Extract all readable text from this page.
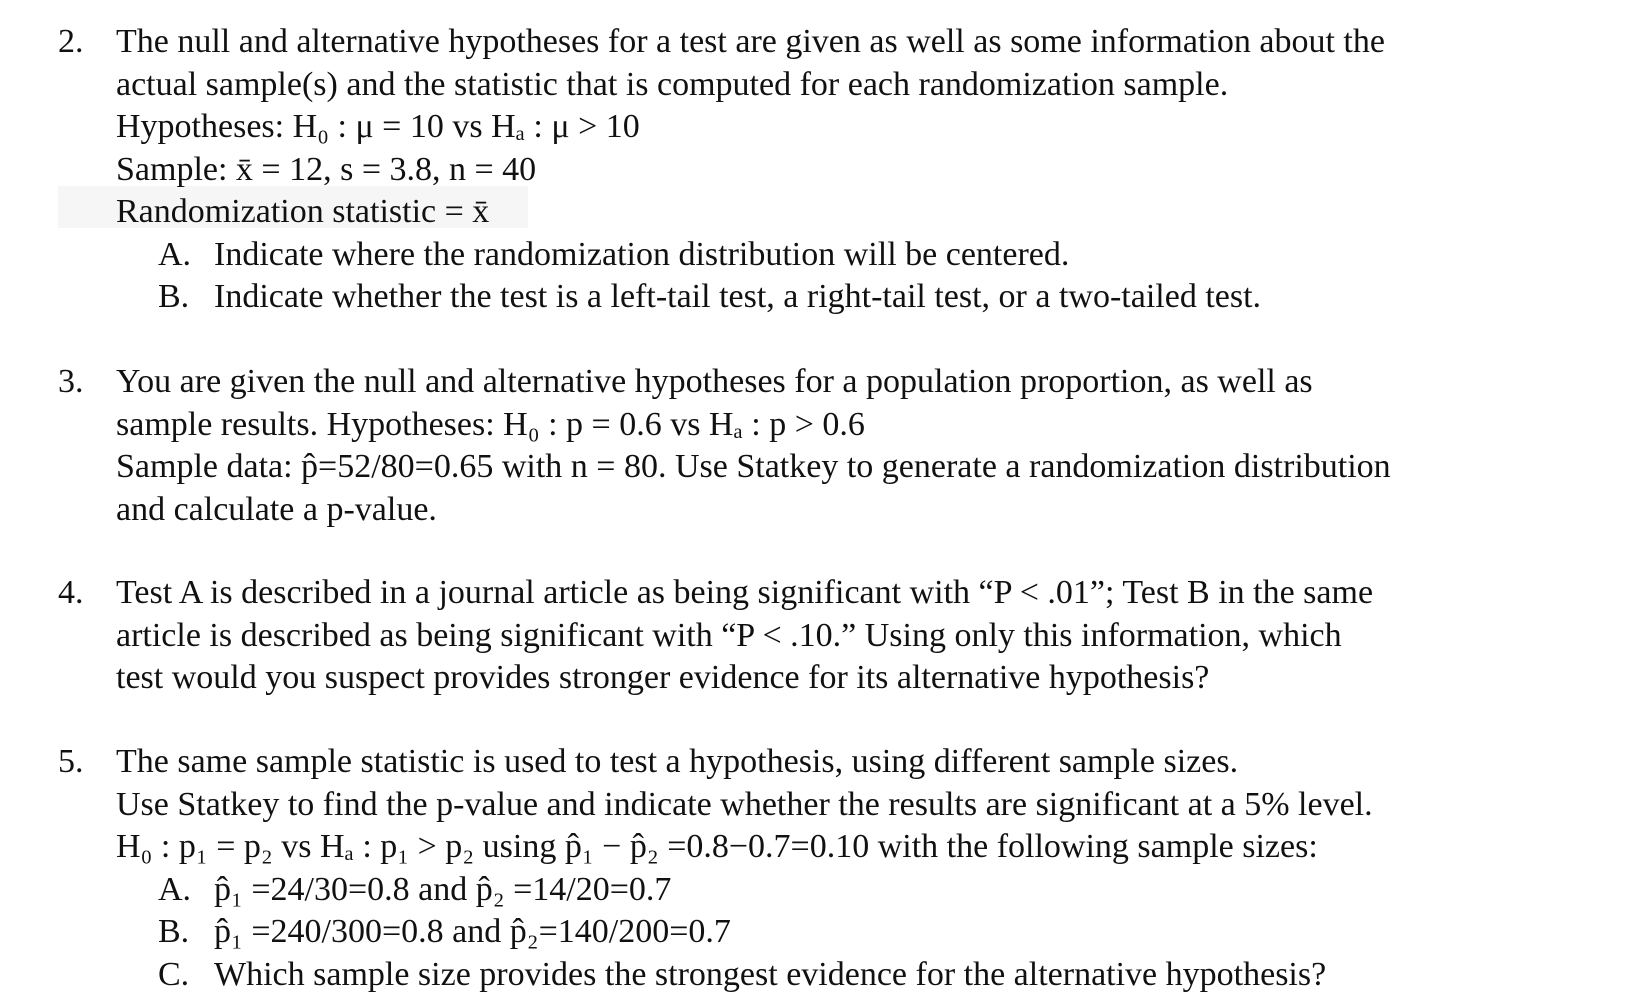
2. The null and alternative hypotheses for a test are given as well as some information about the
actual sample(s) and the statistic that is computed for each randomization sample.
Hypotheses: H₀ : μ = 10 vs Hₐ : μ > 10
Sample: x̄ = 12, s = 3.8, n = 40
Randomization statistic = x̄
A. Indicate where the randomization distribution will be centered.
B. Indicate whether the test is a left-tail test, a right-tail test, or a two-tailed test.
3. You are given the null and alternative hypotheses for a population proportion, as well as
sample results. Hypotheses: H₀ : p = 0.6 vs Hₐ : p > 0.6
Sample data: p̂=52/80=0.65 with n = 80. Use Statkey to generate a randomization distribution
and calculate a p-value.
4. Test A is described in a journal article as being significant with “P < .01”; Test B in the same
article is described as being significant with “P < .10.” Using only this information, which
test would you suspect provides stronger evidence for its alternative hypothesis?
5. The same sample statistic is used to test a hypothesis, using different sample sizes.
Use Statkey to find the p-value and indicate whether the results are significant at a 5% level.
H₀ : p₁ = p₂ vs Hₐ : p₁ > p₂ using p̂₁ − p̂₂ =0.8−0.7=0.10 with the following sample sizes:
A. p̂₁ =24/30=0.8 and p̂₂ =14/20=0.7
B. p̂₁ =240/300=0.8 and p̂₂=140/200=0.7
C. Which sample size provides the strongest evidence for the alternative hypothesis?
